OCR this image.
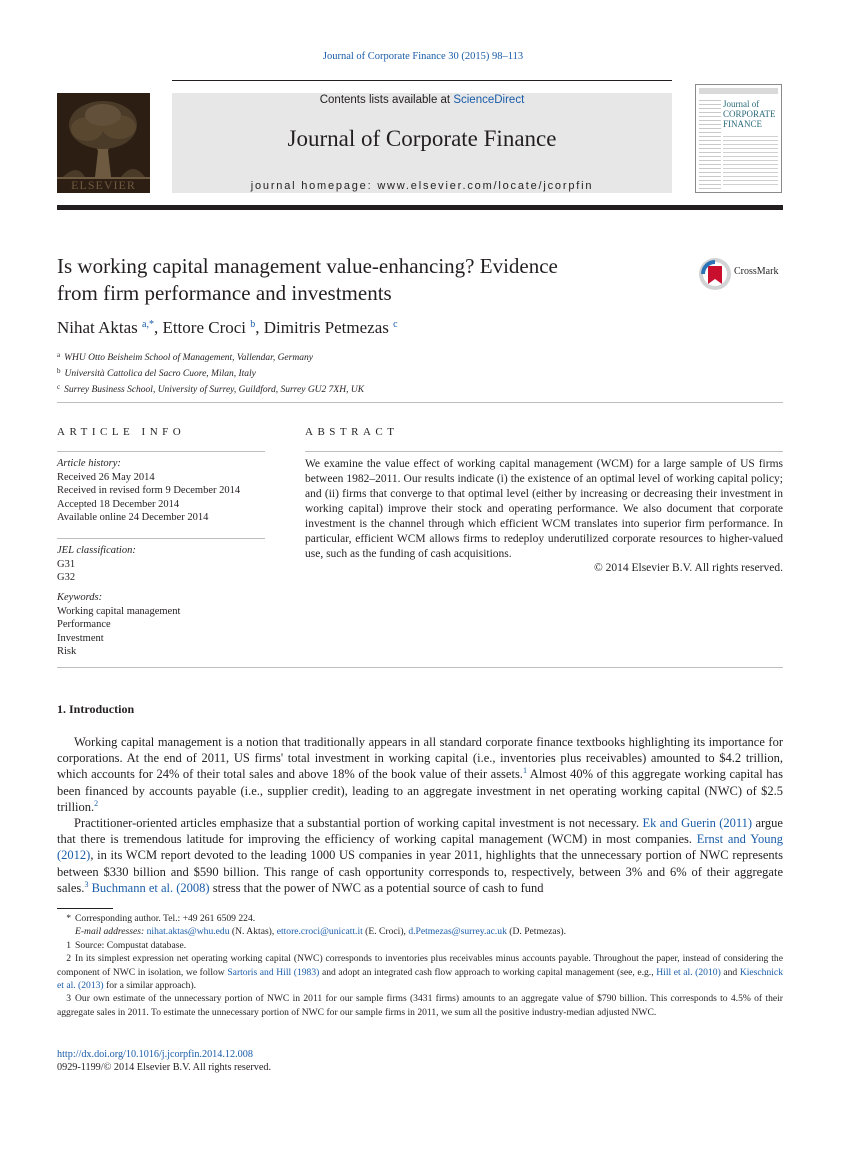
Journal of Corporate Finance 30 (2015) 98–113
ELSEVIER
Contents lists available at ScienceDirect
Journal of Corporate Finance
journal homepage: www.elsevier.com/locate/jcorpfin
Journal of
CORPORATE
FINANCE
Is working capital management value-enhancing? Evidence
from firm performance and investments
CrossMark
Nihat Aktas $^{a,*}$, Ettore Croci $^b$, Dimitris Petmezas $^c$
$^a$ WHU Otto Beisheim School of Management, Vallendar, Germany
$^b$ Università Cattolica del Sacro Cuore, Milan, Italy
$^c$ Surrey Business School, University of Surrey, Guildford, Surrey GU2 7XH, UK
ARTICLE INFO
Article history:
Received 26 May 2014
Received in revised form 9 December 2014
Accepted 18 December 2014
Available online 24 December 2014
JEL classification:
G31
G32
Keywords:
Working capital management
Performance
Investment
Risk
ABSTRACT
We examine the value effect of working capital management (WCM) for a large sample of US firms between 1982–2011. Our results indicate (i) the existence of an optimal level of working capital policy; and (ii) firms that converge to that optimal level (either by increasing or decreasing their investment in working capital) improve their stock and operating performance. We also document that corporate investment is the channel through which efficient WCM translates into superior firm performance. In particular, efficient WCM allows firms to redeploy underutilized corporate resources to higher-valued use, such as the funding of cash acquisitions.
© 2014 Elsevier B.V. All rights reserved.
1. Introduction
Working capital management is a notion that traditionally appears in all standard corporate finance textbooks highlighting its importance for corporations. At the end of 2011, US firms' total investment in working capital (i.e., inventories plus receivables) amounted to $4.2 trillion, which accounts for 24% of their total sales and above 18% of the book value of their assets.$^1$ Almost 40% of this aggregate working capital has been financed by accounts payable (i.e., supplier credit), leading to an aggregate investment in net operating working capital (NWC) of $2.5 trillion.$^2$
Practitioner-oriented articles emphasize that a substantial portion of working capital investment is not necessary. Ek and Guerin (2011) argue that there is tremendous latitude for improving the efficiency of working capital management (WCM) in most companies. Ernst and Young (2012), in its WCM report devoted to the leading 1000 US companies in year 2011, highlights that the unnecessary portion of NWC represents between $330 billion and $590 billion. This range of cash opportunity corresponds to, respectively, between 3% and 6% of their aggregate sales.$^3$ Buchmann et al. (2008) stress that the power of NWC as a potential source of cash to fund

* Corresponding author. Tel.: +49 261 6509 224.

E-mail addresses: nihat.aktas@whu.edu (N. Aktas), ettore.croci@unicatt.it (E. Croci), d.Petmezas@surrey.ac.uk (D. Petmezas).

1 Source: Compustat database.

2 In its simplest expression net operating working capital (NWC) corresponds to inventories plus receivables minus accounts payable. Throughout the paper, instead of considering the component of NWC in isolation, we follow Sartoris and Hill (1983) and adopt an integrated cash flow approach to working capital management (see, e.g., Hill et al. (2010) and Kieschnick et al. (2013) for a similar approach).

3 Our own estimate of the unnecessary portion of NWC in 2011 for our sample firms (3431 firms) amounts to an aggregate value of $790 billion. This corresponds to 4.5% of their aggregate sales in 2011. To estimate the unnecessary portion of NWC for our sample firms in 2011, we sum all the positive industry-median adjusted NWC.

http://dx.doi.org/10.1016/j.jcorpfin.2014.12.008
0929-1199/© 2014 Elsevier B.V. All rights reserved.
